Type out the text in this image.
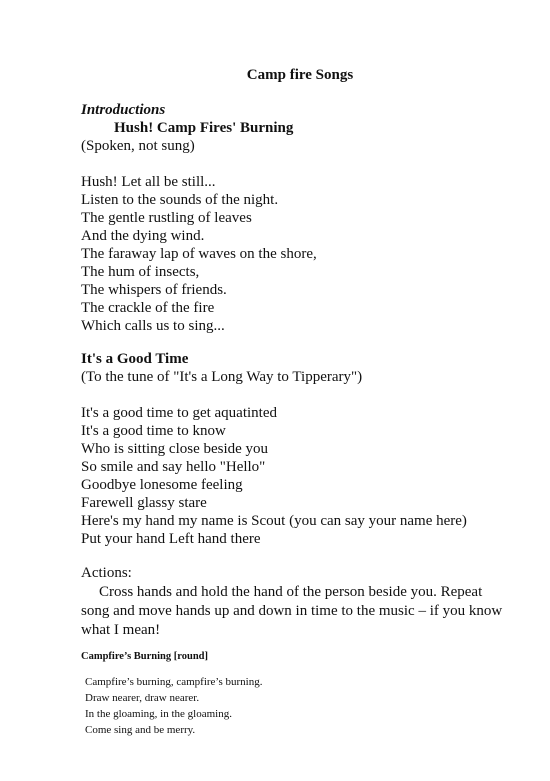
Camp fire Songs
Introductions
Hush! Camp Fires' Burning
(Spoken, not sung)
Hush! Let all be still...
Listen to the sounds of the night.
The gentle rustling of leaves
And the dying wind.
The faraway lap of waves on the shore,
The hum of insects,
The whispers of friends.
The crackle of the fire
Which calls us to sing...
It's a Good Time
(To the tune of "It's a Long Way to Tipperary")
It's a good time to get aquatinted
It's a good time to know
Who is sitting close beside you
So smile and say hello "Hello"
Goodbye lonesome feeling
Farewell glassy stare
Here's my hand my name is Scout (you can say your name here)
Put your hand Left hand there
Actions:
Cross hands and hold the hand of the person beside you. Repeat song and move hands up and down in time to the music – if you know what I mean!
Campfire’s Burning [round]
Campfire’s burning, campfire’s burning.
Draw nearer, draw nearer.
In the gloaming, in the gloaming.
Come sing and be merry.
